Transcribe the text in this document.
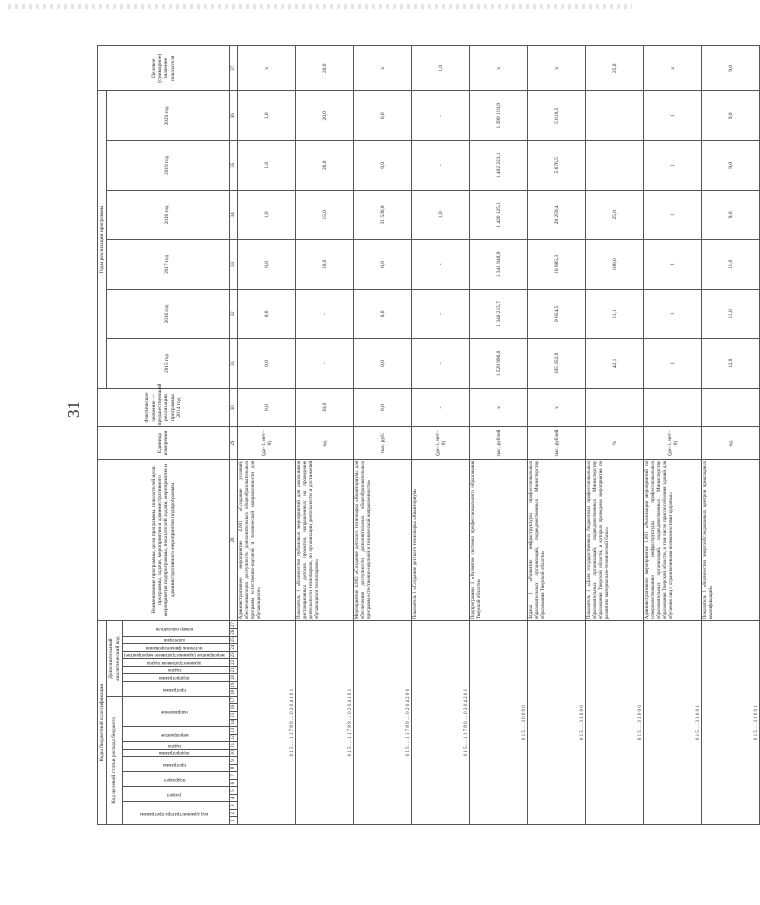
31
Коды бюджетной классификации																											Наименование программы, цели программы, показателей цели программы, задачи, мероприятия и административного мероприятия подпрограммы, показателей задачи, мероприятия и административного мероприятия подпрограммы	Единица измерения	Фактическое значение — предшествующий реализации программы 2014 год	Годы реализации программы						Целевое (суммарное) значение показателя
Код целевой статьи расхода бюджета																	Дополнительный аналитический код													2015 год	2016 год	2017 год	2018 год	2019 год	2020 год	
код администратора программы			раздел		подраздел		программа		подпрограмма	задача	мероприятие		направление				программа		подпрограмма	задача	административная задача	мероприятие (административное мероприятие)	источник финансирования	категория	номер показателя											
1	2	3	4	5	6	7	8	9	10	11	12	13	14	15	16	17	18	19	20	21	22	23	24	25	26	27	28	29	30	31	32	33	34	35	36	37
0 1 5 … 1 1 7 8 9 … 0 2 0 4 1 0 1																											Административное мероприятие 4.001 «Создание условий, обеспечивающих доступность дополнительных общеобразовательных программ естественно-научной и технической направленности для обучающихся»	(да–1, нет–0)	0,0	0,0	0,0	0,0	1,0	1,0	1,0	х
0 1 5 … 1 1 7 8 9 … 0 2 0 4 1 0 1																											Показатель 1 «Количество публичных мероприятий для школьников дистанционных детских проектов, направленных на проведение деятельности технопарков, по организации деятельности и достижений обучающихся технопарков»	ед.	10,0	-	-	10,0	15,0	20,0	20,0	20,0
0 1 5 … 1 1 7 8 9 … 0 2 0 4 2 0 0																											Мероприятие 4.002 «Создание детского технопарка «Кванториум» для обеспечения доступности дополнительных общеобразовательных программ естественно-научной и технической направленности»	тыс. руб.	0,0	0,0	0,0	0,0	31 536,8	0,0	0,0	х
0 1 5 … 1 1 7 8 9 … 0 2 0 4 2 0 1																											Показатель 1 «Создание детского технопарка «Кванториум»	(да–1, нет–0)	-	-	-	-	1,0	-	-	1,0
0 1 5 … 3 0 0 0 0																											Подпрограмма 3 «Развитие системы профессионального образования Тверской области»	тыс. рублей	х	1 529 996,0	1 340 215,7	1 341 948,9	1 420 125,1	1 402 223,1	1 399 119,9	х
0 1 5 … 3 1 0 0 0																											Задача 1 «Развитие инфраструктуры профессиональных образовательных организаций, подведомственных Министерству образования Тверской области»	тыс. рублей	х	105 352,0	9 054,5	10 885,3	28 259,4	5 676,5	5 610,5	х
0 1 5 … 3 1 0 0 0																											Показатель 1 «Доля государственных бюджетных профессиональных образовательных организаций, подведомственных Министерству образования Тверской области, в которых проведены мероприятия по развитию материально-технической базы»	%		42,1	11,1	100,0	25,0			25,0
0 1 5 … 3 1 0 0 1																											Административное мероприятие 1.001 «Реализация мероприятий по совершенствованию инфраструктуры профессиональных образовательных организаций, подведомственных Министерству образования Тверской области, в том числе приспособления зданий для обучения лиц с ограниченными возможностями здоровья»	(да–1, нет–0)		1	1	1	1	1	1	х
0 1 5 … 3 1 0 0 1																											Показатель 1 «Количество энергообследованных центров прикладных квалификаций»	ед.		12,0	11,0	11,0	9,0	9,0	9,0	9,0
